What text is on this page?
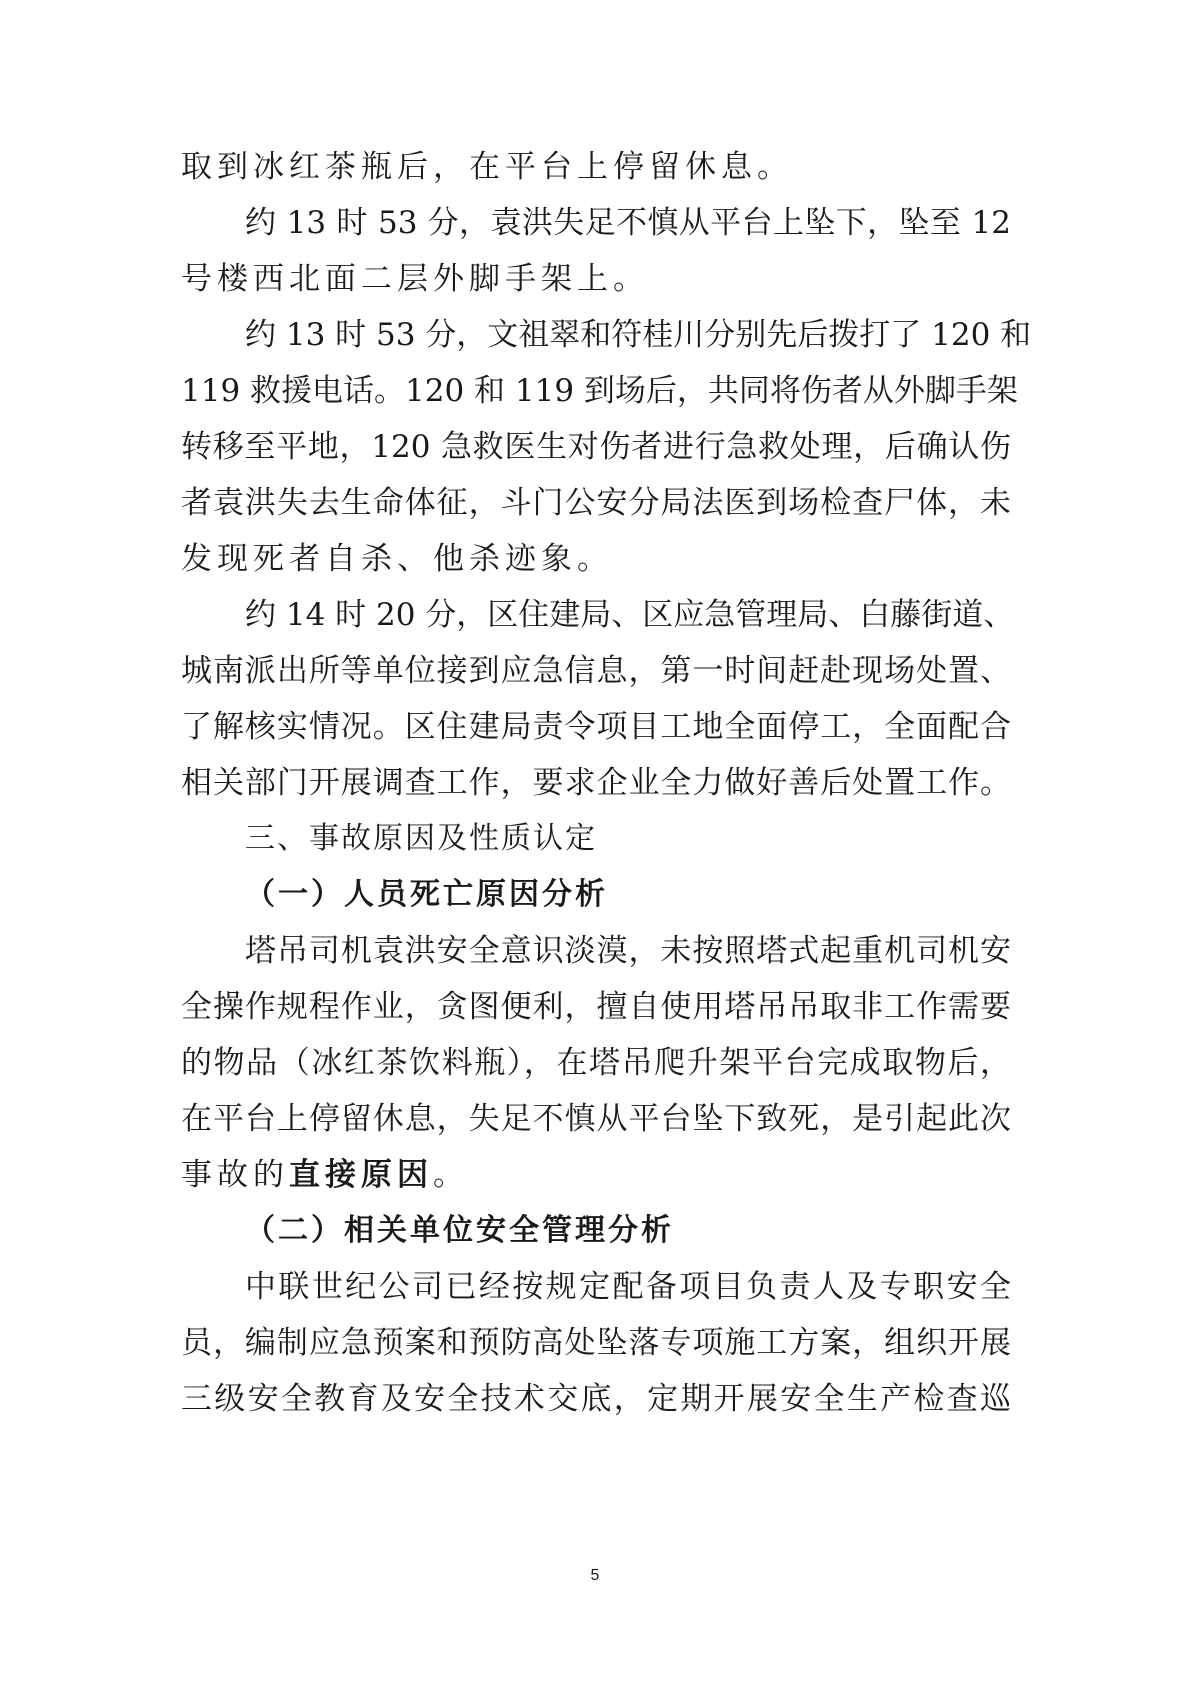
取到冰红茶瓶后，在平台上停留休息。
约 13 时 53 分，袁洪失足不慎从平台上坠下，坠至 12
号楼西北面二层外脚手架上。
约 13 时 53 分，文祖翠和符桂川分别先后拨打了 120 和
119 救援电话。120 和 119 到场后，共同将伤者从外脚手架
转移至平地，120 急救医生对伤者进行急救处理，后确认伤
者袁洪失去生命体征，斗门公安分局法医到场检查尸体，未
发现死者自杀、他杀迹象。
约 14 时 20 分，区住建局、区应急管理局、白藤街道、
城南派出所等单位接到应急信息，第一时间赶赴现场处置、
了解核实情况。区住建局责令项目工地全面停工，全面配合
相关部门开展调查工作，要求企业全力做好善后处置工作。
三、事故原因及性质认定
（一）人员死亡原因分析
塔吊司机袁洪安全意识淡漠，未按照塔式起重机司机安
全操作规程作业，贪图便利，擅自使用塔吊吊取非工作需要
的物品（冰红茶饮料瓶），在塔吊爬升架平台完成取物后，
在平台上停留休息，失足不慎从平台坠下致死，是引起此次
事故的直接原因。
（二）相关单位安全管理分析
中联世纪公司已经按规定配备项目负责人及专职安全
员，编制应急预案和预防高处坠落专项施工方案，组织开展
三级安全教育及安全技术交底，定期开展安全生产检查巡
5
